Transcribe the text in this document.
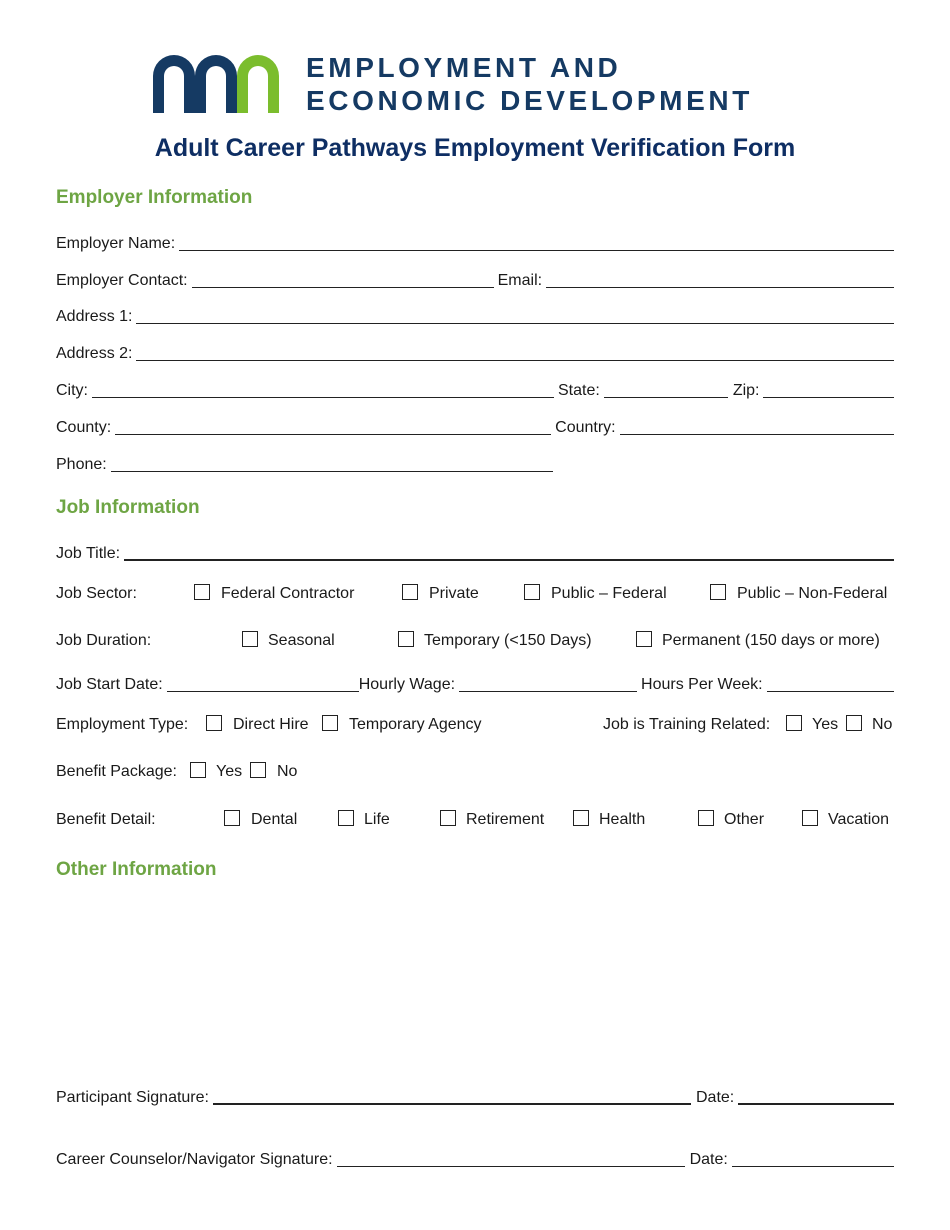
EMPLOYMENT AND
ECONOMIC DEVELOPMENT
Adult Career Pathways Employment Verification Form
Employer Information
Employer Name:
Employer Contact:	Email:
Address 1:
Address 2:
City:	State:	Zip:
County:	Country:
Phone:
Job Information
Job Title:
Job Sector:	Federal Contractor	Private	Public – Federal	Public – Non-Federal
Job Duration:	Seasonal	Temporary (<150 Days)	Permanent (150 days or more)
Job Start Date:	Hourly Wage:	Hours Per Week:
Employment Type:	Direct Hire	Temporary Agency	Job is Training Related:	Yes No
Benefit Package: Yes No
Benefit Detail:	Dental	Life	Retirement	Health	Other	Vacation
Other Information
Participant Signature:	Date:
Career Counselor/Navigator Signature:	Date:
